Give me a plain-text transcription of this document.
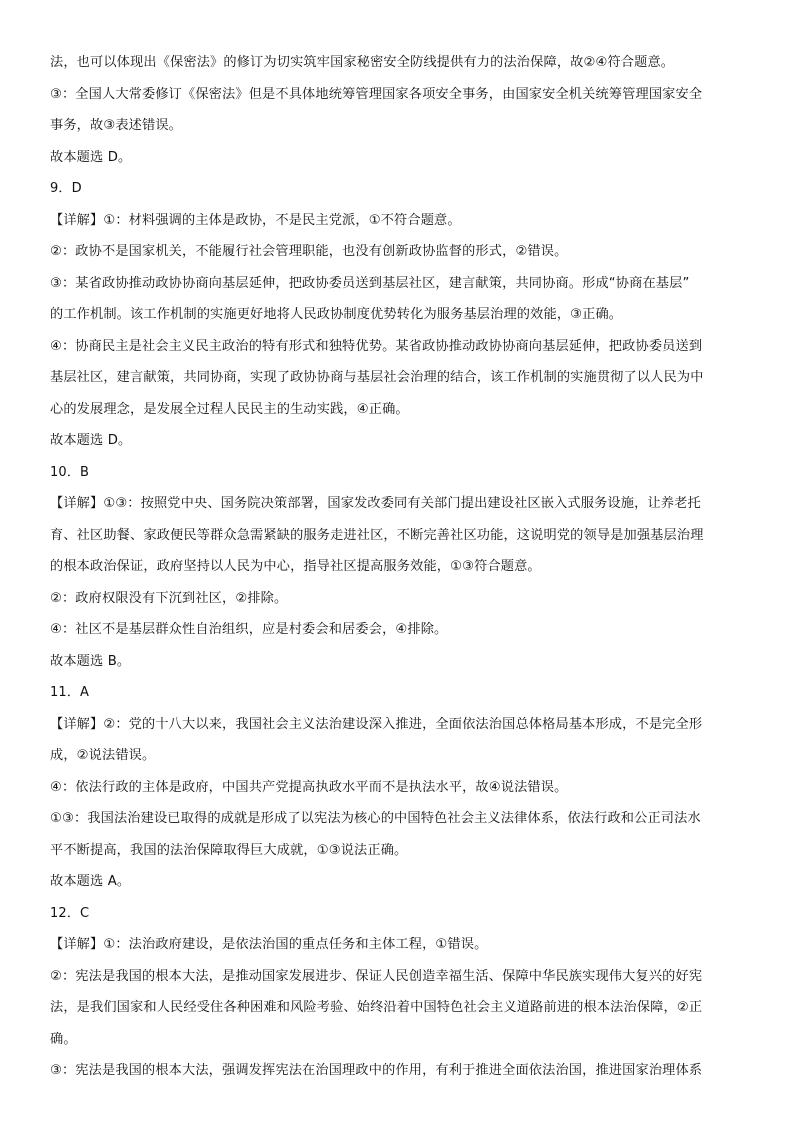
法，也可以体现出《保密法》的修订为切实筑牢国家秘密安全防线提供有力的法治保障，故②④符合题意。
③：全国人大常委修订《保密法》但是不具体地统筹管理国家各项安全事务，由国家安全机关统筹管理国家安全
事务，故③表述错误。
故本题选 D。
9．D
【详解】①：材料强调的主体是政协，不是民主党派，①不符合题意。
②：政协不是国家机关，不能履行社会管理职能，也没有创新政协监督的形式，②错误。
③：某省政协推动政协协商向基层延伸，把政协委员送到基层社区，建言献策，共同协商。形成“协商在基层”
的工作机制。该工作机制的实施更好地将人民政协制度优势转化为服务基层治理的效能，③正确。
④：协商民主是社会主义民主政治的特有形式和独特优势。某省政协推动政协协商向基层延伸，把政协委员送到
基层社区，建言献策，共同协商，实现了政协协商与基层社会治理的结合，该工作机制的实施贯彻了以人民为中
心的发展理念，是发展全过程人民民主的生动实践，④正确。
故本题选 D。
10．B
【详解】①③：按照党中央、国务院决策部署，国家发改委同有关部门提出建设社区嵌入式服务设施，让养老托
育、社区助餐、家政便民等群众急需紧缺的服务走进社区，不断完善社区功能，这说明党的领导是加强基层治理
的根本政治保证，政府坚持以人民为中心，指导社区提高服务效能，①③符合题意。
②：政府权限没有下沉到社区，②排除。
④：社区不是基层群众性自治组织，应是村委会和居委会，④排除。
故本题选 B。
11．A
【详解】②：党的十八大以来，我国社会主义法治建设深入推进，全面依法治国总体格局基本形成，不是完全形
成，②说法错误。
④：依法行政的主体是政府，中国共产党提高执政水平而不是执法水平，故④说法错误。
①③：我国法治建设已取得的成就是形成了以宪法为核心的中国特色社会主义法律体系，依法行政和公正司法水
平不断提高，我国的法治保障取得巨大成就，①③说法正确。
故本题选 A。
12．C
【详解】①：法治政府建设，是依法治国的重点任务和主体工程，①错误。
②：宪法是我国的根本大法，是推动国家发展进步、保证人民创造幸福生活、保障中华民族实现伟大复兴的好宪
法，是我们国家和人民经受住各种困难和风险考验、始终沿着中国特色社会主义道路前进的根本法治保障，②正
确。
③：宪法是我国的根本大法，强调发挥宪法在治国理政中的作用，有利于推进全面依法治国，推进国家治理体系
